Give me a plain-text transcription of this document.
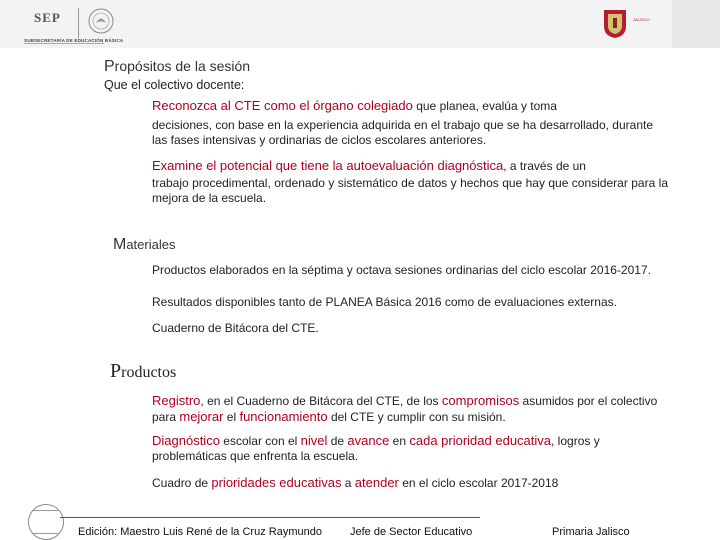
SEP
SUBSECRETARÍA DE EDUCACIÓN BÁSICA
JALISCO
Propósitos de la sesión
Que el colectivo docente:
Reconozca al CTE como el órgano colegiado que planea, evalúa y toma
decisiones, con base en la experiencia adquirida en el trabajo que se ha desarrollado, durante las fases intensivas y ordinarias de ciclos escolares anteriores.
Examine el potencial que tiene la autoevaluación diagnóstica, a través de un
trabajo procedimental, ordenado y sistemático de datos y hechos que hay que considerar para la mejora de la escuela.
Materiales
Productos elaborados en la séptima y octava sesiones ordinarias del ciclo escolar 2016-2017.
Resultados disponibles tanto de PLANEA Básica 2016 como de evaluaciones externas.
Cuaderno de Bitácora del CTE.
Productos
Registro, en el Cuaderno de Bitácora del CTE, de los compromisos asumidos por el colectivo para mejorar el funcionamiento del CTE y cumplir con su misión.
Diagnóstico escolar con el nivel de avance en cada prioridad educativa, logros y problemáticas que enfrenta la escuela.
Cuadro de prioridades educativas a atender en el ciclo escolar 2017-2018
Edición: Maestro Luis René de la Cruz Raymundo	Jefe de Sector Educativo	Primaria Jalisco
